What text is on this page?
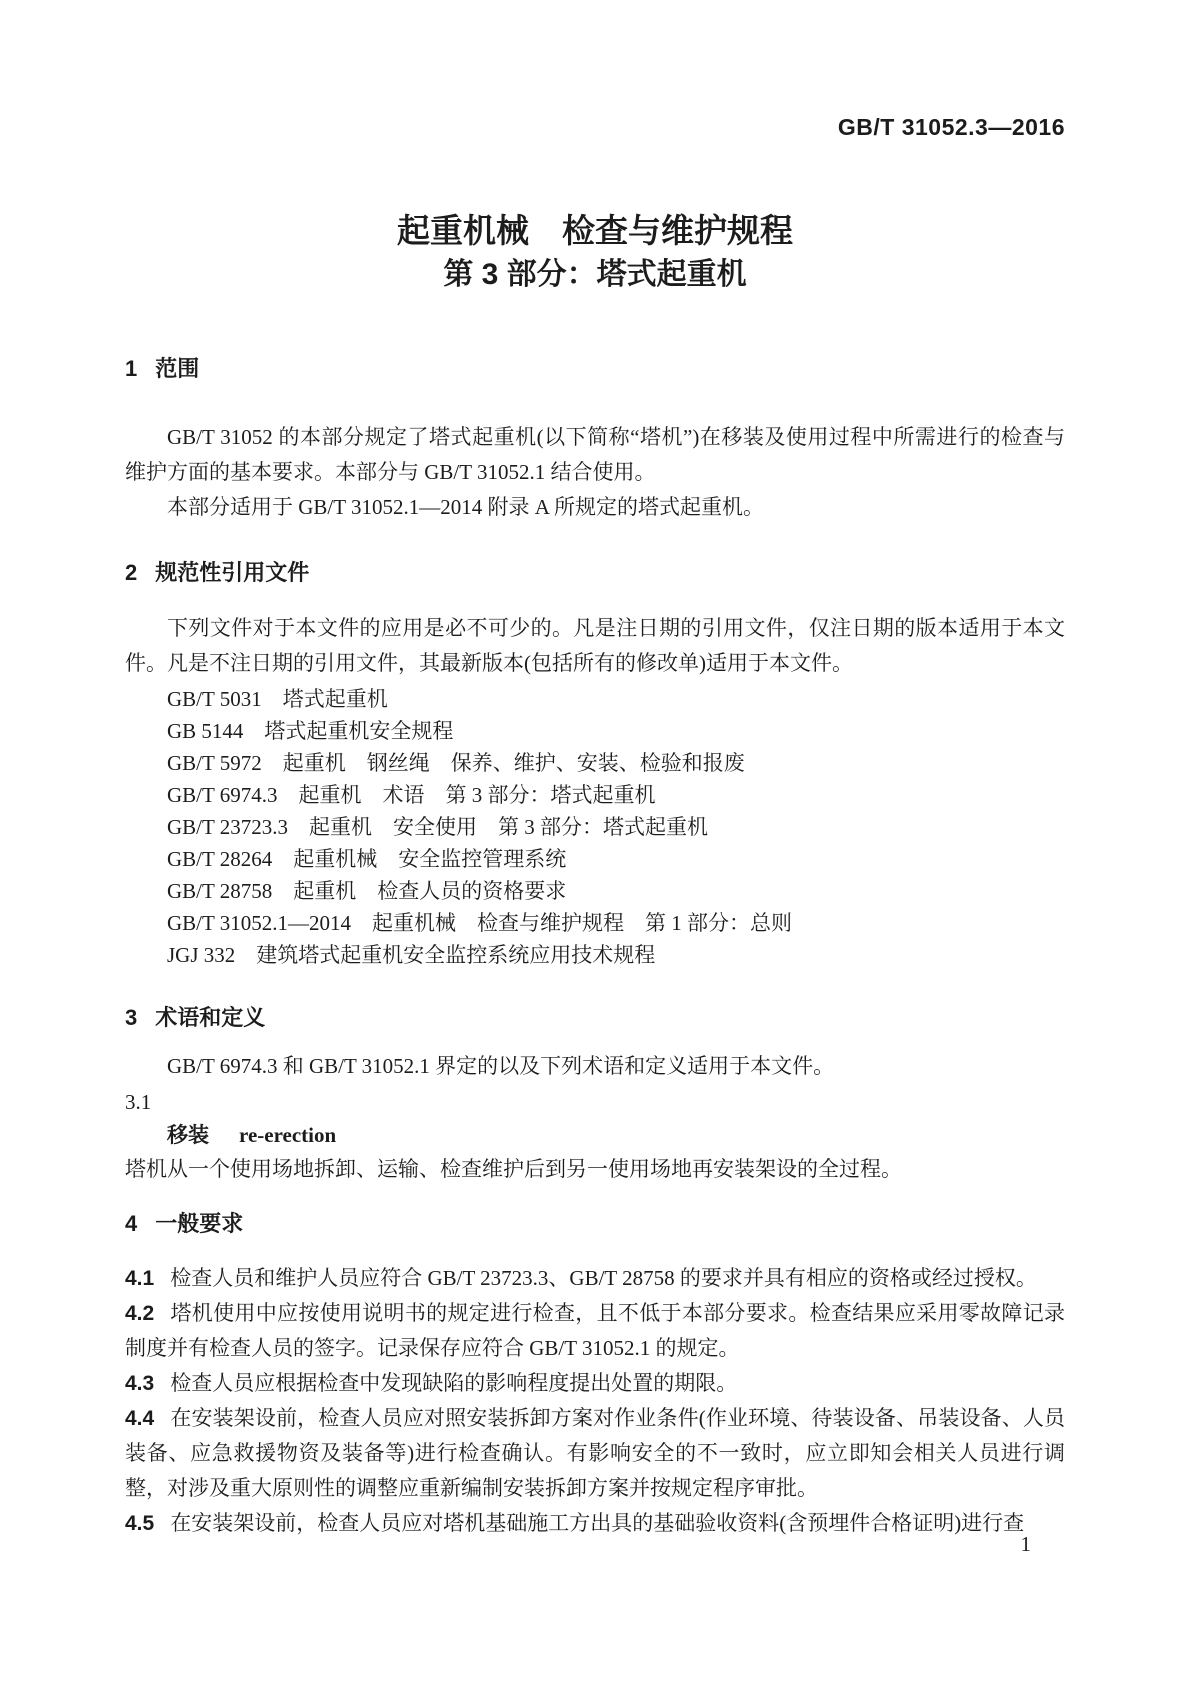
GB/T 31052.3—2016
起重机械　检查与维护规程
第 3 部分：塔式起重机
1 范围

GB/T 31052 的本部分规定了塔式起重机(以下简称“塔机”)在移装及使用过程中所需进行的检查与维护方面的基本要求。本部分与 GB/T 31052.1 结合使用。

本部分适用于 GB/T 31052.1—2014 附录 A 所规定的塔式起重机。

2 规范性引用文件

下列文件对于本文件的应用是必不可少的。凡是注日期的引用文件，仅注日期的版本适用于本文件。凡是不注日期的引用文件，其最新版本(包括所有的修改单)适用于本文件。

GB/T 5031　塔式起重机

GB 5144　塔式起重机安全规程

GB/T 5972　起重机　钢丝绳　保养、维护、安装、检验和报废

GB/T 6974.3　起重机　术语　第 3 部分：塔式起重机

GB/T 23723.3　起重机　安全使用　第 3 部分：塔式起重机

GB/T 28264　起重机械　安全监控管理系统

GB/T 28758　起重机　检查人员的资格要求

GB/T 31052.1—2014　起重机械　检查与维护规程　第 1 部分：总则

JGJ 332　建筑塔式起重机安全监控系统应用技术规程

3 术语和定义

GB/T 6974.3 和 GB/T 31052.1 界定的以及下列术语和定义适用于本文件。

3.1

移装 re-erection

塔机从一个使用场地拆卸、运输、检查维护后到另一使用场地再安装架设的全过程。

4 一般要求

4.1 检查人员和维护人员应符合 GB/T 23723.3、GB/T 28758 的要求并具有相应的资格或经过授权。

4.2 塔机使用中应按使用说明书的规定进行检查，且不低于本部分要求。检查结果应采用零故障记录制度并有检查人员的签字。记录保存应符合 GB/T 31052.1 的规定。

4.3 检查人员应根据检查中发现缺陷的影响程度提出处置的期限。

4.4 在安装架设前，检查人员应对照安装拆卸方案对作业条件(作业环境、待装设备、吊装设备、人员装备、应急救援物资及装备等)进行检查确认。有影响安全的不一致时，应立即知会相关人员进行调整，对涉及重大原则性的调整应重新编制安装拆卸方案并按规定程序审批。

4.5 在安装架设前，检查人员应对塔机基础施工方出具的基础验收资料(含预埋件合格证明)进行查

1
